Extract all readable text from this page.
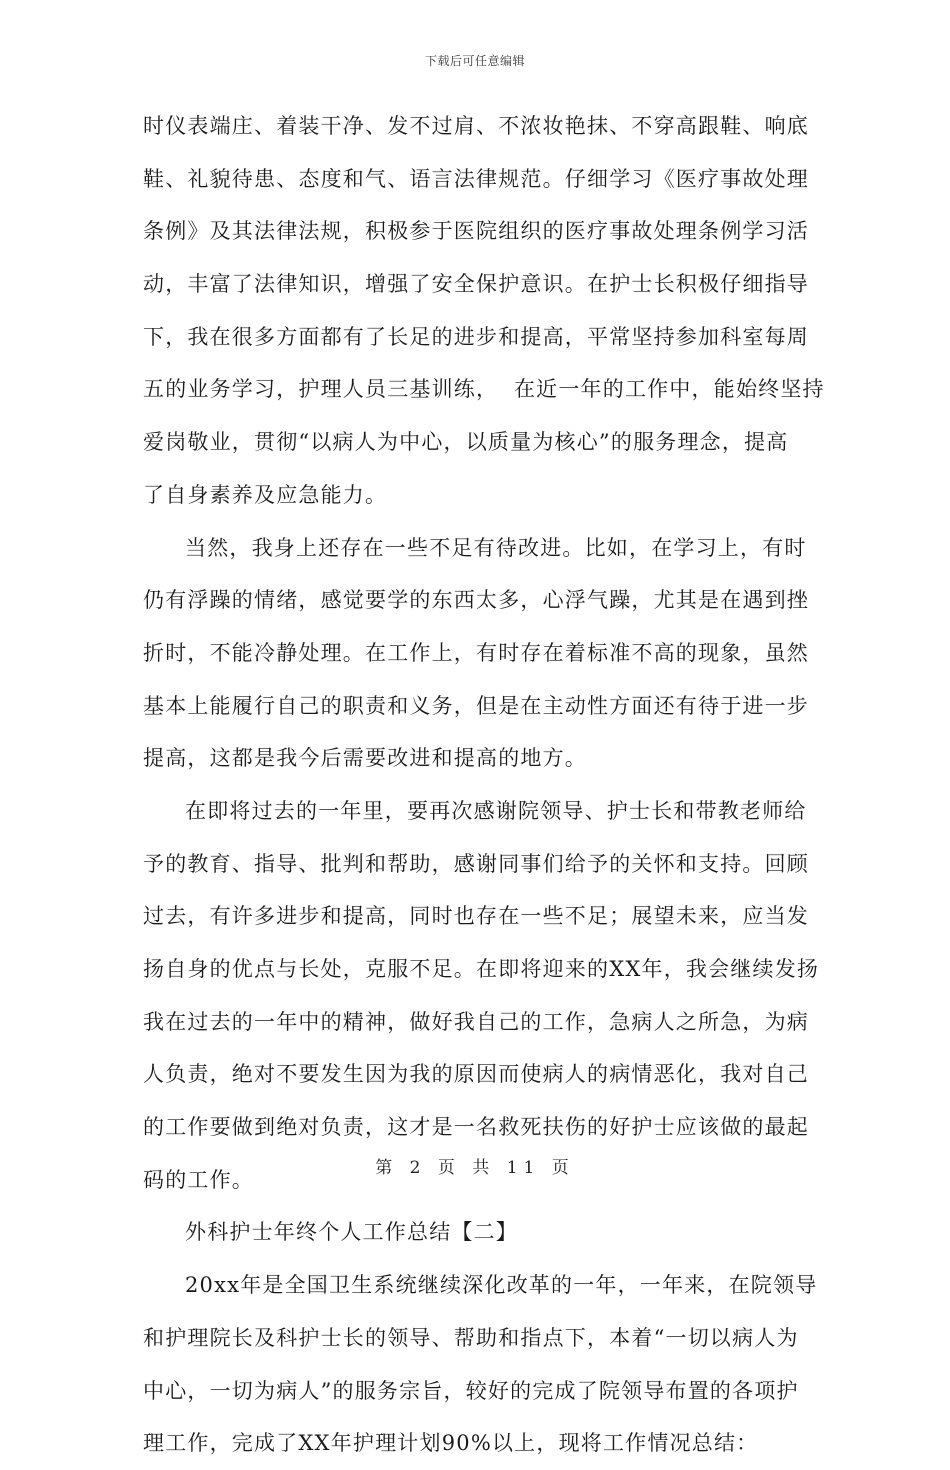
下载后可任意编辑
时仪表端庄、着装干净、发不过肩、不浓妆艳抹、不穿高跟鞋、响底
鞋、礼貌待患、态度和气、语言法律规范。仔细学习《医疗事故处理
条例》及其法律法规，积极参于医院组织的医疗事故处理条例学习活
动，丰富了法律知识，增强了安全保护意识。在护士长积极仔细指导
下，我在很多方面都有了长足的进步和提高，平常坚持参加科室每周
五的业务学习，护理人员三基训练，  在近一年的工作中，能始终坚持
爱岗敬业，贯彻“以病人为中心，以质量为核心”的服务理念，提高
了自身素养及应急能力。
当然，我身上还存在一些不足有待改进。比如，在学习上，有时
仍有浮躁的情绪，感觉要学的东西太多，心浮气躁，尤其是在遇到挫
折时，不能冷静处理。在工作上，有时存在着标准不高的现象，虽然
基本上能履行自己的职责和义务，但是在主动性方面还有待于进一步
提高，这都是我今后需要改进和提高的地方。
在即将过去的一年里，要再次感谢院领导、护士长和带教老师给
予的教育、指导、批判和帮助，感谢同事们给予的关怀和支持。回顾
过去，有许多进步和提高，同时也存在一些不足；展望未来，应当发
扬自身的优点与长处，克服不足。在即将迎来的XX年，我会继续发扬
我在过去的一年中的精神，做好我自己的工作，急病人之所急，为病
人负责，绝对不要发生因为我的原因而使病人的病情恶化，我对自己
的工作要做到绝对负责，这才是一名救死扶伤的好护士应该做的最起
码的工作。
外科护士年终个人工作总结【二】
20xx年是全国卫生系统继续深化改革的一年，一年来，在院领导
和护理院长及科护士长的领导、帮助和指点下，本着“一切以病人为
中心，一切为病人”的服务宗旨，较好的完成了院领导布置的各项护
理工作，完成了XX年护理计划90%以上，现将工作情况总结：
第 2 页 共 11 页
